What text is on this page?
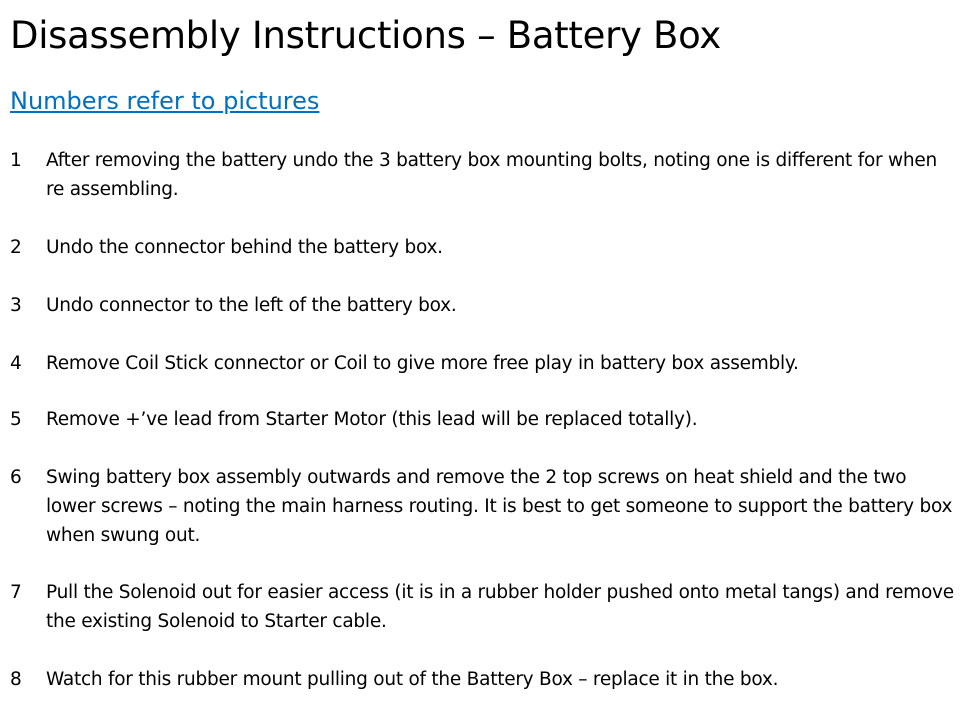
Disassembly Instructions – Battery Box
Numbers refer to pictures
1	After removing the battery undo the 3 battery box mounting bolts, noting one is different for when re assembling.
2	Undo the connector behind the battery box.
3	Undo connector to the left of the battery box.
4	Remove Coil Stick connector or Coil to give more free play in battery box assembly.
5	Remove +’ve lead from Starter Motor (this lead will be replaced totally).
6	Swing battery box assembly outwards and remove the 2 top screws on heat shield and the two lower screws – noting the main harness routing. It is best to get someone to support the battery box when swung out.
7	Pull the Solenoid out for easier access (it is in a rubber holder pushed onto metal tangs) and remove the existing Solenoid to Starter cable.
8	Watch for this rubber mount pulling out of the Battery Box – replace it in the box.
